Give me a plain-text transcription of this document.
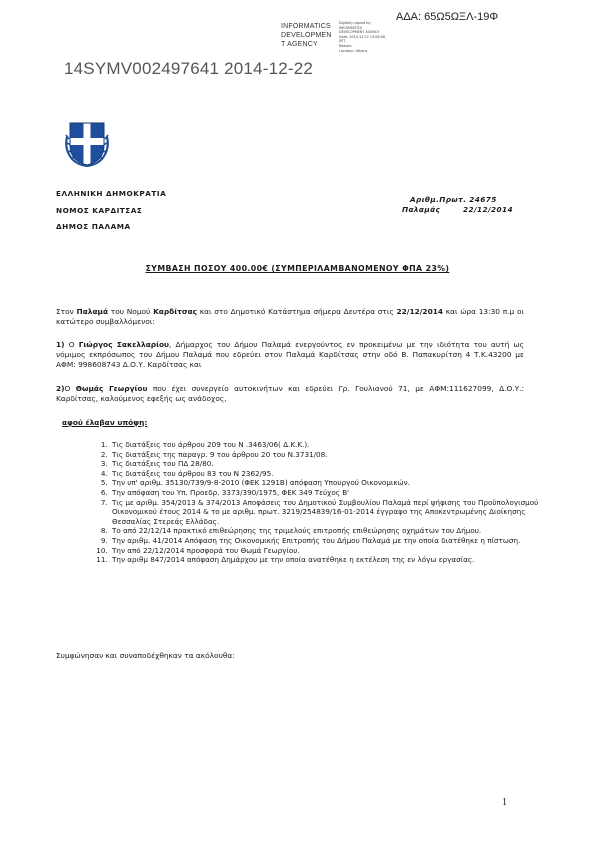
INFORMATICS DEVELOPMEN T AGENCY
Digitally signed by
INFORMATICS
DEVELOPMENT AGENCY
Date: 2014.12.22 13:06:06
EET
Reason:
Location: Athens
ΑΔΑ: 65Ω5ΩΞΛ-19Φ
14SYMV002497641 2014-12-22
ΕΛΛΗΝΙΚΗ ΔΗΜΟΚΡΑΤΙΑ
ΝΟΜΟΣ ΚΑΡΔΙΤΣΑΣ
ΔΗΜΟΣ ΠΑΛΑΜΑ
Αριθμ.Πρωτ. 24675
Παλαμάς	22/12/2014
ΣΥΜΒΑΣΗ ΠΟΣΟΥ 400.00€ (ΣΥΜΠΕΡΙΛΑΜΒΑΝΟΜΕΝΟΥ ΦΠΑ 23%)
Στον Παλαμά του Νομού Καρδίτσας και στο Δημοτικό Κατάστημα σήμερα Δευτέρα στις 22/12/2014 και ώρα 13:30 π.μ οι κατώτερο συμβαλλόμενοι:
1) Ο Γιώργος Σακελλαρίου, Δήμαρχος του Δήμου Παλαμά ενεργούντος εν προκειμένω με την ιδιότητα του αυτή ως νόμιμος εκπρόσωπος του Δήμου Παλαμά που εδρεύει στον Παλαμά Καρδίτσας στην οδό Β. Παπακυρίτση 4 Τ.Κ.43200 με ΑΦΜ: 998608743 Δ.Ο.Υ. Καρδίτσας και
2)Ο Θωμάς Γεωργίου που έχει συνεργείο αυτοκινήτων και εδρεύει Γρ. Γουλιανού 71, με ΑΦΜ:111627099, Δ.Ο.Υ.: Καρδίτσας, καλούμενος εφεξής ως ανάδοχος,
αφού έλαβαν υπόψη:
1. Τις διατάξεις του άρθρου 209 του Ν .3463/06( Δ.Κ.Κ.).
2. Τις διατάξεις της παραγρ. 9 του άρθρου 20 του Ν.3731/08.
3. Τις διατάξεις του ΠΔ 28/80.
4. Τις διατάξεις του άρθρου 83 του Ν 2362/95.
5. Την υπ' αριθμ. 35130/739/9-8-2010 (ΦΕΚ 1291Β) απόφαση Υπουργού Οικονομικών.
6. Την απόφαση του Υπ. Προεδρ. 3373/390/1975, ΦΕΚ 349 Τεύχος Β'
7. Τις με αριθμ. 354/2013 & 374/2013 Αποφάσεις του Δημοτικού Συμβουλίου Παλαμά περί ψήφισης του Προϋπολογισμού Οικονομικού έτους 2014 & το με αριθμ. πρωτ. 3219/254839/16-01-2014 έγγραφο της Αποκεντρωμένης Διοίκησης Θεσσαλίας Στερεάς Ελλάδας.
8. Το από 22/12/14 πρακτικό επιθεώρησης της τριμελούς επιτροπής επιθεώρησης οχημάτων του Δήμου.
9. Την αριθμ. 41/2014 Απόφαση της Οικονομικής Επιτροπής του Δήμου Παλαμά με την οποία διατέθηκε η πίστωση.
10. Την από 22/12/2014 προσφορά του Θωμά Γεωργίου.
11. Την αριθμ 847/2014 απόφαση Δημάρχου με την οποία ανατέθηκε η εκτέλεση της εν λόγω εργασίας.
Συμφώνησαν και συναποδέχθηκαν τα ακόλουθα:
1
